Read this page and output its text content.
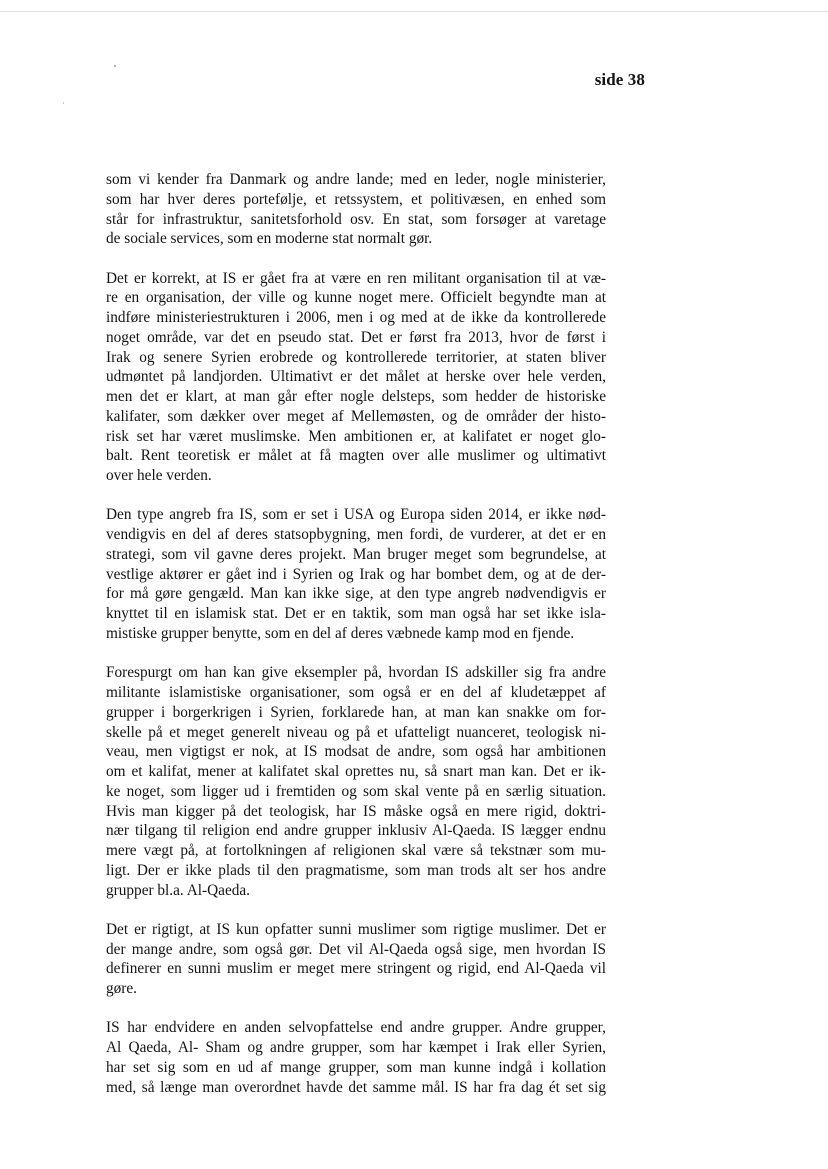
side 38
som vi kender fra Danmark og andre lande; med en leder, nogle ministerier,
som har hver deres portefølje, et retssystem, et politivæsen, en enhed som
står for infrastruktur, sanitetsforhold osv. En stat, som forsøger at varetage
de sociale services, som en moderne stat normalt gør.
Det er korrekt, at IS er gået fra at være en ren militant organisation til at væ-
re en organisation, der ville og kunne noget mere. Officielt begyndte man at
indføre ministeriestrukturen i 2006, men i og med at de ikke da kontrollerede
noget område, var det en pseudo stat. Det er først fra 2013, hvor de først i
Irak og senere Syrien erobrede og kontrollerede territorier, at staten bliver
udmøntet på landjorden. Ultimativt er det målet at herske over hele verden,
men det er klart, at man går efter nogle delsteps, som hedder de historiske
kalifater, som dækker over meget af Mellemøsten, og de områder der histo-
risk set har været muslimske. Men ambitionen er, at kalifatet er noget glo-
balt. Rent teoretisk er målet at få magten over alle muslimer og ultimativt
over hele verden.
Den type angreb fra IS, som er set i USA og Europa siden 2014, er ikke nød-
vendigvis en del af deres statsopbygning, men fordi, de vurderer, at det er en
strategi, som vil gavne deres projekt. Man bruger meget som begrundelse, at
vestlige aktører er gået ind i Syrien og Irak og har bombet dem, og at de der-
for må gøre gengæld. Man kan ikke sige, at den type angreb nødvendigvis er
knyttet til en islamisk stat. Det er en taktik, som man også har set ikke isla-
mistiske grupper benytte, som en del af deres væbnede kamp mod en fjende.
Forespurgt om han kan give eksempler på, hvordan IS adskiller sig fra andre
militante islamistiske organisationer, som også er en del af kludetæppet af
grupper i borgerkrigen i Syrien, forklarede han, at man kan snakke om for-
skelle på et meget generelt niveau og på et ufatteligt nuanceret, teologisk ni-
veau, men vigtigst er nok, at IS modsat de andre, som også har ambitionen
om et kalifat, mener at kalifatet skal oprettes nu, så snart man kan. Det er ik-
ke noget, som ligger ud i fremtiden og som skal vente på en særlig situation.
Hvis man kigger på det teologisk, har IS måske også en mere rigid, doktri-
nær tilgang til religion end andre grupper inklusiv Al-Qaeda. IS lægger endnu
mere vægt på, at fortolkningen af religionen skal være så tekstnær som mu-
ligt. Der er ikke plads til den pragmatisme, som man trods alt ser hos andre
grupper bl.a. Al-Qaeda.
Det er rigtigt, at IS kun opfatter sunni muslimer som rigtige muslimer. Det er
der mange andre, som også gør. Det vil Al-Qaeda også sige, men hvordan IS
definerer en sunni muslim er meget mere stringent og rigid, end Al-Qaeda vil
gøre.
IS har endvidere en anden selvopfattelse end andre grupper. Andre grupper,
Al Qaeda, Al- Sham og andre grupper, som har kæmpet i Irak eller Syrien,
har set sig som en ud af mange grupper, som man kunne indgå i kollation
med, så længe man overordnet havde det samme mål. IS har fra dag ét set sig
